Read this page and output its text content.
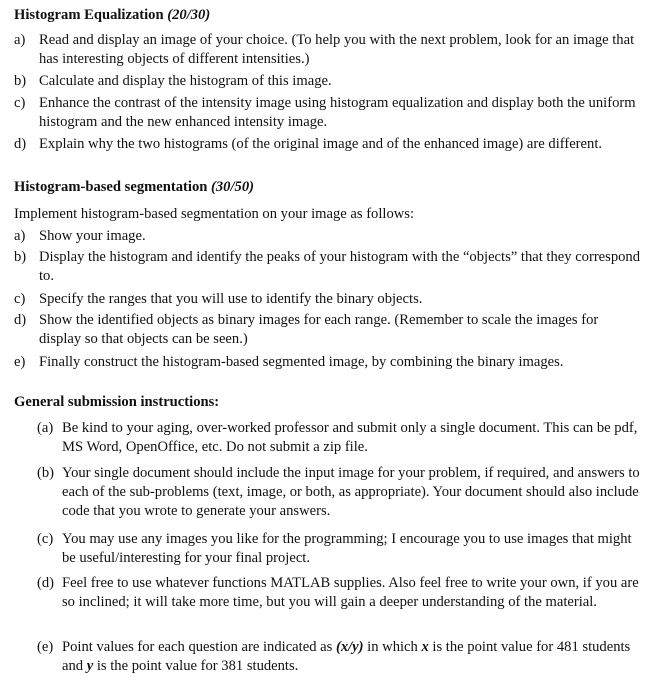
Histogram Equalization (20/30)
a) Read and display an image of your choice. (To help you with the next problem, look for an image that has interesting objects of different intensities.)
b) Calculate and display the histogram of this image.
c) Enhance the contrast of the intensity image using histogram equalization and display both the uniform histogram and the new enhanced intensity image.
d) Explain why the two histograms (of the original image and of the enhanced image) are different.
Histogram-based segmentation (30/50)
Implement histogram-based segmentation on your image as follows:
a) Show your image.
b) Display the histogram and identify the peaks of your histogram with the “objects” that they correspond to.
c) Specify the ranges that you will use to identify the binary objects.
d) Show the identified objects as binary images for each range. (Remember to scale the images for display so that objects can be seen.)
e) Finally construct the histogram-based segmented image, by combining the binary images.
General submission instructions:
(a) Be kind to your aging, over-worked professor and submit only a single document. This can be pdf, MS Word, OpenOffice, etc. Do not submit a zip file.
(b) Your single document should include the input image for your problem, if required, and answers to each of the sub-problems (text, image, or both, as appropriate). Your document should also include code that you wrote to generate your answers.
(c) You may use any images you like for the programming; I encourage you to use images that might be useful/interesting for your final project.
(d) Feel free to use whatever functions MATLAB supplies. Also feel free to write your own, if you are so inclined; it will take more time, but you will gain a deeper understanding of the material.
(e) Point values for each question are indicated as (x/y) in which x is the point value for 481 students and y is the point value for 381 students.
